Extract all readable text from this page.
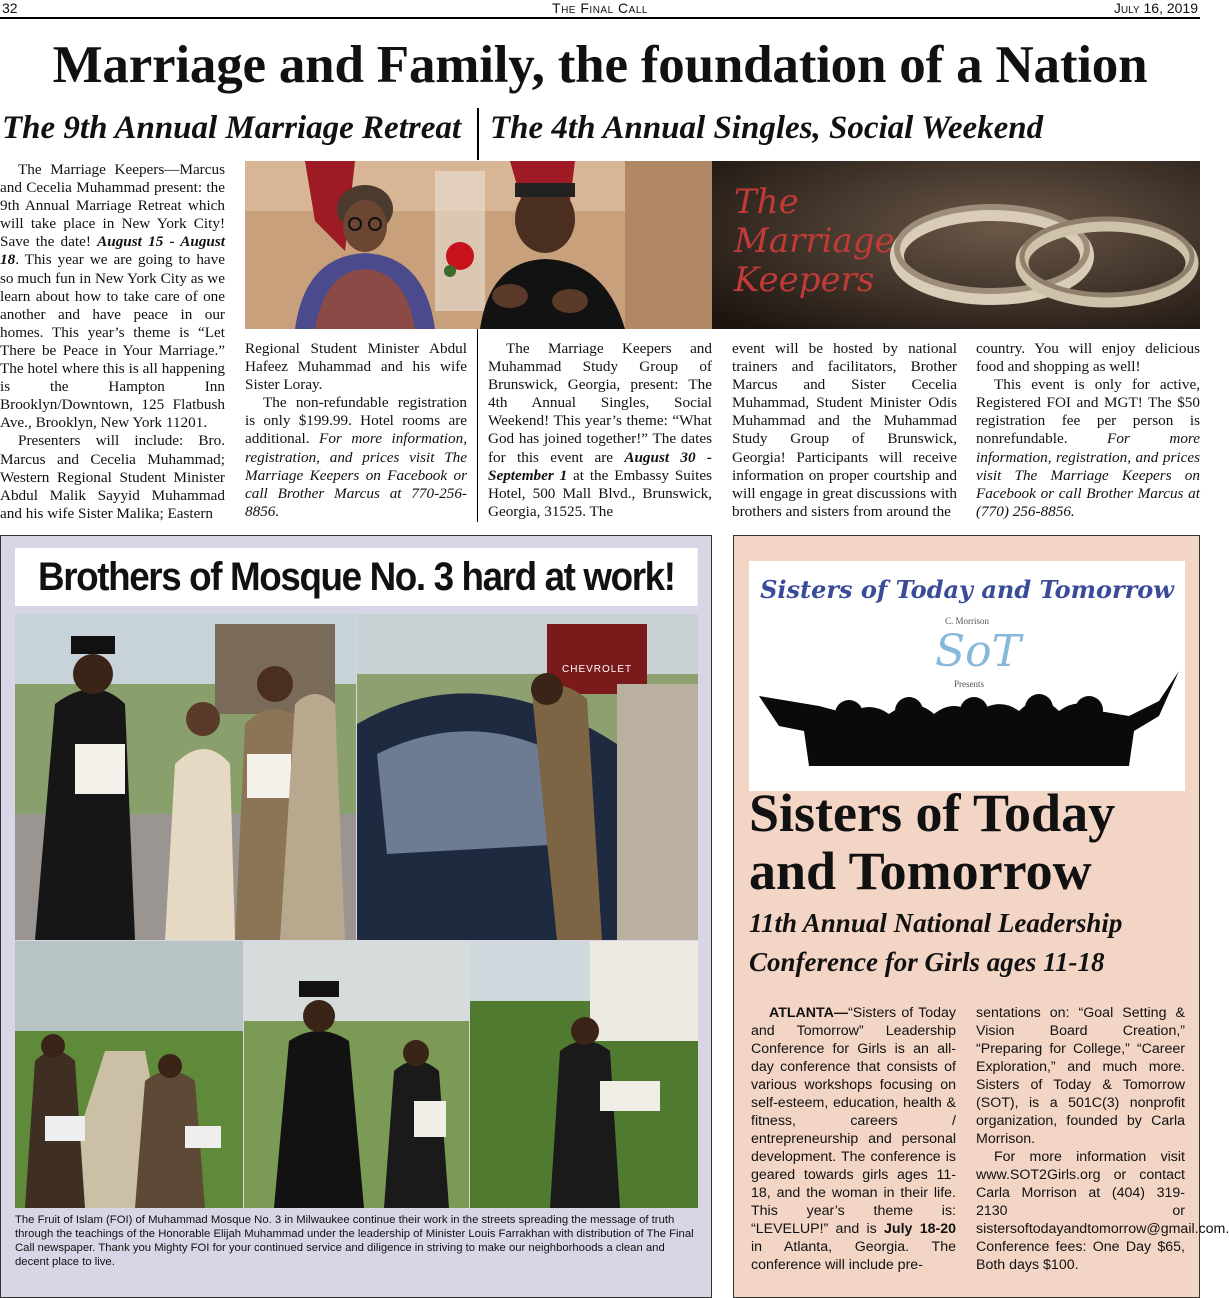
32	The Final Call	July 16, 2019
Marriage and Family, the foundation of a Nation
The 9th Annual Marriage Retreat The 4th Annual Singles, Social Weekend

The Marriage Keepers—Marcus and Cecelia Muhammad present: the 9th Annual Marriage Retreat which will take place in New York City! Save the date! August 15 - August 18. This year we are going to have so much fun in New York City as we learn about how to take care of one another and have peace in our homes. This year’s theme is “Let There be Peace in Your Marriage.” The hotel where this is all happening is the Hampton Inn Brooklyn/Downtown, 125 Flatbush Ave., Brooklyn, New York 11201.

Presenters will include: Bro. Marcus and Cecelia Muhammad; Western Regional Student Minister Abdul Malik Sayyid Muhammad and his wife Sister Malika; Eastern

The
Marriage
Keepers

Regional Student Minister Abdul Hafeez Muhammad and his wife Sister Loray.

The non-refundable registration is only $199.99. Hotel rooms are additional. For more information, registration, and prices visit The Marriage Keepers on Facebook or call Brother Marcus at 770-256-8856.

The Marriage Keepers and Muhammad Study Group of Brunswick, Georgia, present: The 4th Annual Singles, Social Weekend! This year’s theme: “What God has joined together!” The dates for this event are August 30 - September 1 at the Embassy Suites Hotel, 500 Mall Blvd., Brunswick, Georgia, 31525. The

event will be hosted by national trainers and facilitators, Brother Marcus and Sister Cecelia Muhammad, Student Minister Odis Muhammad and the Muhammad Study Group of Brunswick, Georgia! Participants will receive information on proper courtship and will engage in great discussions with brothers and sisters from around the

country. You will enjoy delicious food and shopping as well!

This event is only for active, Registered FOI and MGT! The $50 registration fee per person is nonrefundable. For more information, registration, and prices visit The Marriage Keepers on Facebook or call Brother Marcus at (770) 256-8856.

Brothers of Mosque No. 3 hard at work!
CHEVROLET
The Fruit of Islam (FOI) of Muhammad Mosque No. 3 in Milwaukee continue their work in the streets spreading the message of truth through the teachings of the Honorable Elijah Muhammad under the leadership of Minister Louis Farrakhan with distribution of The Final Call newspaper. Thank you Mighty FOI for your continued service and diligence in striving to make our neighborhoods a clean and decent place to live.
Sisters of Today and Tomorrow
C. Morrison
SoT
Presents
Sisters of Today
and Tomorrow
11th Annual National Leadership
Conference for Girls ages 11-18

ATLANTA—“Sisters of Today and Tomorrow” Leadership Conference for Girls is an all-day conference that consists of various workshops focusing on self-esteem, education, health & fitness, careers / entrepreneurship and personal development. The conference is geared towards girls ages 11-18, and the woman in their life. This year’s theme is: “LEVELUP!” and is July 18-20 in Atlanta, Georgia. The conference will include pre-

sentations on: “Goal Setting & Vision Board Creation,” “Preparing for College,” “Career Exploration,” and much more. Sisters of Today & Tomorrow (SOT), is a 501C(3) nonprofit organization, founded by Carla Morrison.

For more information visit www.SOT2Girls.org or contact Carla Morrison at (404) 319-2130 or sistersoftodayandtomorrow@gmail.com. Conference fees: One Day $65, Both days $100.
